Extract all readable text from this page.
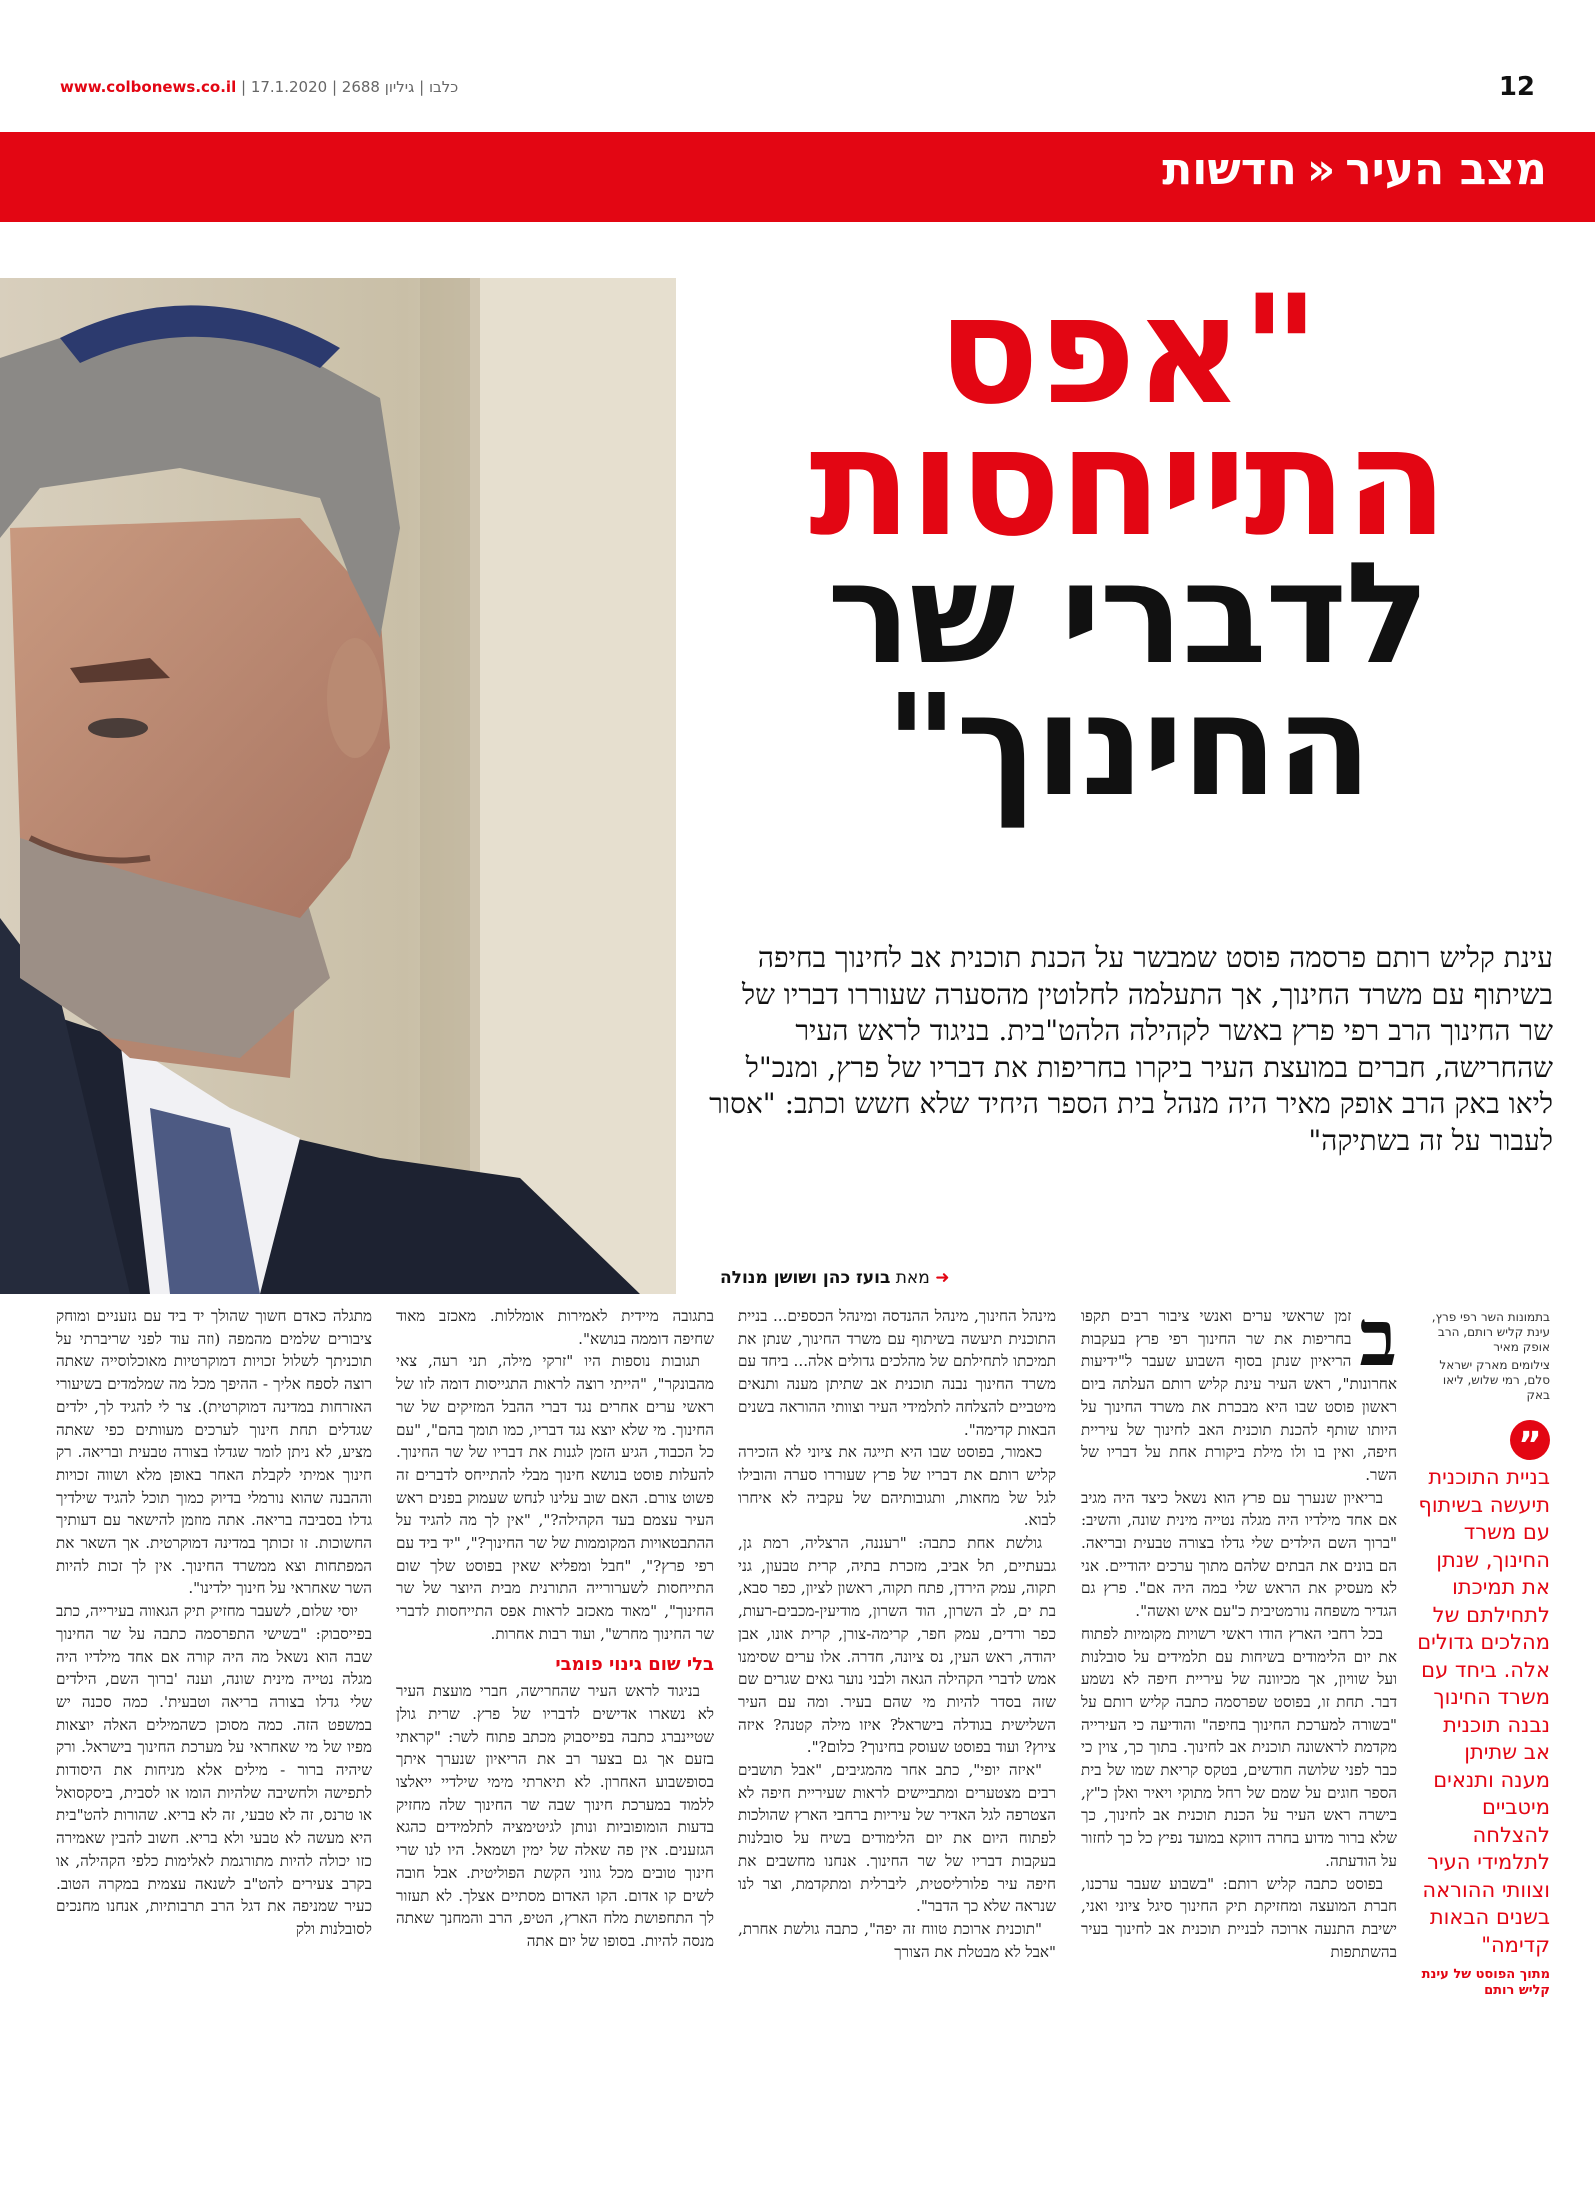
www.colbonews.co.il |	כלבו | גיליון 2688 | 17.1.2020	12
מצב העיר«חדשות
"אפס
התייחסות
לדברי שר
החינוך"
עינת קליש רותם פרסמה פוסט שמבשר על הכנת תוכנית אב לחינוך בחיפה בשיתוף עם משרד החינוך, אך התעלמה לחלוטין מהסערה שעוררו דבריו של שר החינוך הרב רפי פרץ באשר לקהילה הלהט"בית. בניגוד לראש העיר שהחרישה, חברים במועצת העיר ביקרו בחריפות את דבריו של פרץ, ומנכ"ל ליאו באק הרב אופק מאיר היה מנהל בית הספר היחיד שלא חשש וכתב: "אסור לעבור על זה בשתיקה"
➜ מאת בועז כהן ושושן מנולה
בתמונות השר רפי פרץ, עינת קליש רותם, הרב אופק מאיר
צילומים מארק ישראל סלם, רמי שלוש, ליאו באק
”
בניית התוכנית תיעשה בשיתוף עם משרד החינוך, שנתן את תמיכתו לתחילתם של מהלכים גדולים אלה. ביחד עם משרד החינוך נבנה תוכנית אב שתיתן מענה ותנאים מיטביים להצלחה לתלמידי העיר וצוותי ההוראה בשנים הבאות קדימה"
מתוך הפוסט של עינת קליש רותם
ב

זמן שראשי ערים ואנשי ציבור רבים תקפו בחריפות את שר החינוך רפי פרץ בעקבות הריאיון שנתן בסוף השבוע שעבר ל"ידיעות אחרונות", ראש העיר עינת קליש רותם העלתה ביום ראשון פוסט שבו היא מבכרת את משרד החינוך על היותו שותף להכנת תוכנית האב לחינוך של עיריית חיפה, ואין בו ולו מילת ביקורת אחת על דבריו של השר.

בריאיון שנערך עם פרץ הוא נשאל כיצד היה מגיב אם אחד מילדיו היה מגלה נטייה מינית שונה, והשיב: "ברוך השם הילדים שלי גדלו בצורה טבעית ובריאה. הם בונים את הבתים שלהם מתוך ערכים יהודיים. אני לא מעסיק את הראש שלי במה היה אם". פרץ גם הגדיר משפחה נורמטיבית כ"עם איש ואשה".

בכל רחבי הארץ הודו ראשי רשויות מקומיות לפתוח את יום הלימודים בשיחות עם תלמידים על סובלנות ועל שוויון, אך מכיוונה של עיריית חיפה לא נשמע דבר. תחת זו, בפוסט שפרסמה כתבה קליש רותם על "בשורה למערכת החינוך בחיפה" והודיעה כי העירייה מקדמת לראשונה תוכנית אב לחינוך. בתוך כך, צוין כי כבר לפני שלושה חודשים, בטקס קריאת שמו של בית הספר חוגים על שמם של רחל מתוקי ויאיר ואלן כ"ץ, בישרה ראש העיר על הכנת תוכנית אב לחינוך, כך שלא ברור מדוע בחרה דווקא במועד נפיץ כל כך לחזור על הודעתה.

בפוסט כתבה קליש רותם: "בשבוע שעבר ערכנו, חברת המועצה ומחזיקת תיק החינוך סיגל ציוני ואני, ישיבת התנעה ארוכה לבניית תוכנית אב לחינוך בעיר בהשתתפות

מינהל החינוך, מינהל ההנדסה ומינהל הכספים... בניית התוכנית תיעשה בשיתוף עם משרד החינוך, שנתן את תמיכתו לתחילתם של מהלכים גדולים אלה... ביחד עם משרד החינוך נבנה תוכנית אב שתיתן מענה ותנאים מיטביים להצלחה לתלמידי העיר וצוותי ההוראה בשנים הבאות קדימה".

כאמור, בפוסט שבו היא תייגה את ציוני לא הזכירה קליש רותם את דבריו של פרץ שעוררו סערה והובילו לגל של מחאות, ותגובותיהם של עקביה לא איחרו לבוא.

גולשת אחת כתבה: "רעננה, הרצליה, רמת גן, גבעתיים, תל אביב, מזכרת בתיה, קרית טבעון, גני תקוה, עמק הירדן, פתח תקוה, ראשון לציון, כפר סבא, בת ים, לב השרון, הוד השרון, מודיעין-מכבים-רעות, כפר ורדים, עמק חפר, קרימה-צורן, קרית אונו, אבן יהודה, ראש העין, נס ציונה, חדרה. אלו ערים שסימנו אמש לדברי הקהילה הגאה ולבני נוער גאים שגרים שם שזה בסדר להיות מי שהם בעיר. ומה עם העיר השלישית בגודלה בישראל? איזו מילה קטנה? איזה ציוץ? ועוד בפוסט שעוסק בחינוך? כלום?".

"איזה יופי", כתב אחר מהמגיבים, "אבל תושבים רבים מצטערים ומתביישים לראות שעיריית חיפה לא הצטרפה לגל האדיר של עיריות ברחבי הארץ שהולכות לפתוח היום את יום הלימודים בשיח על סובלנות בעקבות דבריו של שר החינוך. אנחנו מחשבים את חיפה עיר פלורליסטית, ליברלית ומתקדמת, וצר לנו שנראה שלא כך הדבר".

"תוכנית ארוכת טווח זה יפה", כתבה גולשת אחרת, "אבל לא מבטלת את הצורך

בתגובה מיידית לאמירות אומללות. מאכזב מאוד שחיפה דוממה בנושא".

תגובות נוספות היו "זרקי מילה, תני רעה, צאי מהבונקר", "הייתי רוצה לראות התגייסות דומה לזו של ראשי ערים אחרים נגד דברי ההבל המזיקים של שר החינוך. מי שלא יוצא נגד דבריו, כמו תומך בהם", "עם כל הכבוד, הגיע הזמן לגנות את דבריו של שר החינוך. להעלות פוסט בנושא חינוך מבלי להתייחס לדברים זה פשוט צורם. האם שוב עלינו לנחש שעמוק בפנים ראש העיר עצמם בעד הקהילה?", "אין לך מה להגיד על ההתבטאויות המקוממות של שר החינוך?", "יד ביד עם רפי פרץ?", "חבל ומפליא שאין בפוסט שלך שום התייחסות לשערורייה התורנית מבית היוצר של שר החינוך", "מאוד מאכזב לראות אפס התייחסות לדברי שר החינוך מחרש", ועוד רבות אחרות.

בלי שום גינוי פומבי

בניגוד לראש העיר שהחרישה, חברי מועצת העיר לא נשארו אדישים לדבריו של פרץ. שרית גולן שטיינברג כתבה בפייסבוק מכתב פתוח לשר: "קראתי בזעם אך גם בצער רב את הריאיון שנערך איתך בסופשבוע האחרון. לא תיארתי מימי שילדיי ייאלצו ללמוד במערכת חינוך שבה שר החינוך שלה מחזיק בדעות הומופוביות ונותן לגיטימציה לתלמידים כהגא הגזענים. אין פה שאלה של ימין ושמאל. היו לנו שרי חינוך טובים מכל גווני הקשת הפוליטית. אבל חובה לשים קו אדום. הקו האדום מסתיים אצלך. לא תעזור לך התחפושת מלח הארץ, הטיפ, הרב והמחנך שאתה מנסה להיות. בסופו של יום אתה

מתגלה כאדם חשוך שהולך יד ביד עם גזעניים ומוחק ציבורים שלמים מהמפה (וזה עוד לפני שריברתי על תוכניתך לשלול זכויות דמוקרטיות מאוכלוסייה שאתה רוצה לספח אליך - ההיפך מכל מה שמלמדים בשיעורי האזרחות במדינה דמוקרטית). צר לי להגיד לך, ילדים שגדלים תחת חינוך לערכים מעוותים כפי שאתה מציע, לא ניתן לומר שגדלו בצורה טבעית ובריאה. רק חינוך אמיתי לקבלת האחר באופן מלא ושווה זכויות וההבנה שהוא נורמלי בדיוק כמוך תוכל להגיד שילדיך גדלו בסביבה בריאה. אתה מוזמן להישאר עם דעותיך החשוכות. זו זכותך במדינה דמוקרטית. אך השאר את המפתחות וצא ממשרד החינוך. אין לך זכות להיות השר שאחראי על חינוך ילדינו".

יוסי שלום, לשעבר מחזיק תיק הגאווה בעירייה, כתב בפייסבוק: "בשישי התפרסמה כתבה על שר החינוך שבה הוא נשאל מה היה קורה אם אחד מילדיו היה מגלה נטייה מינית שונה, וענה 'ברוך השם, הילדים שלי גדלו בצורה בריאה וטבעית'. כמה סכנה יש במשפט הזה. כמה מסוכן כשהמילים האלה יוצאות מפיו של מי שאחראי על מערכת החינוך בישראל. ורק שיהיה ברור - מילים אלא מניחות את היסודות לתפישה ולחשיבה שלהיות הומו או לסבית, ביסקסואל או טרנס, זה לא טבעי, זה לא בריא. שהורות להט"בית היא מעשה לא טבעי ולא בריא. חשוב להבין שאמירה כזו יכולה להיות מתורגמת לאלימות כלפי הקהילה, או בקרב צעירים להט"ב לשנאה עצמית במקרה הטוב. כעיר שמניפה את דגל הרב תרבותיות, אנחנו מחנכים לסובלנות ולק
